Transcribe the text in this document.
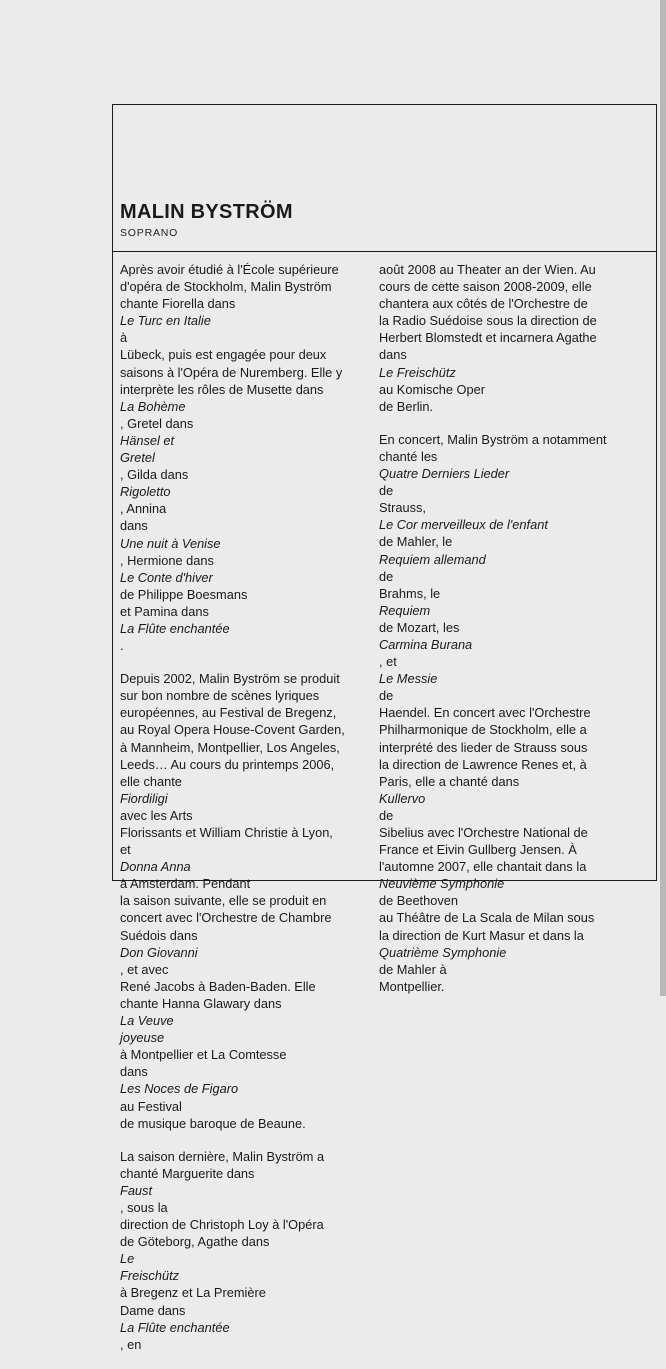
MALIN BYSTRÖM
SOPRANO

Après avoir étudié à l'École supérieure
d'opéra de Stockholm, Malin Byström
chante Fiorella dans
Le Turc en Italie
à
Lübeck, puis est engagée pour deux
saisons à l'Opéra de Nuremberg. Elle y
interprète les rôles de Musette dans
La Bohème
, Gretel dans
Hänsel et
Gretel
, Gilda dans
Rigoletto
, Annina
dans
Une nuit à Venise
, Hermione dans
Le Conte d'hiver
de Philippe Boesmans
et Pamina dans
La Flûte enchantée
.

Depuis 2002, Malin Byström se produit
sur bon nombre de scènes lyriques
européennes, au Festival de Bregenz,
au Royal Opera House-Covent Garden,
à Mannheim, Montpellier, Los Angeles,
Leeds… Au cours du printemps 2006,
elle chante
Fiordiligi
avec les Arts
Florissants et William Christie à Lyon,
et
Donna Anna
à Amsterdam. Pendant
la saison suivante, elle se produit en
concert avec l'Orchestre de Chambre
Suédois dans
Don Giovanni
, et avec
René Jacobs à Baden-Baden. Elle
chante Hanna Glawary dans
La Veuve
joyeuse
à Montpellier et La Comtesse
dans
Les Noces de Figaro
au Festival
de musique baroque de Beaune.

La saison dernière, Malin Byström a
chanté Marguerite dans
Faust
, sous la
direction de Christoph Loy à l'Opéra
de Göteborg, Agathe dans
Le
Freischütz
à Bregenz et La Première
Dame dans
La Flûte enchantée
, en

août 2008 au Theater an der Wien. Au
cours de cette saison 2008-2009, elle
chantera aux côtés de l'Orchestre de
la Radio Suédoise sous la direction de
Herbert Blomstedt et incarnera Agathe
dans
Le Freischütz
au Komische Oper
de Berlin.

En concert, Malin Byström a notamment
chanté les
Quatre Derniers Lieder
de
Strauss,
Le Cor merveilleux de l'enfant
de Mahler, le
Requiem allemand
de
Brahms, le
Requiem
de Mozart, les
Carmina Burana
, et
Le Messie
de
Haendel. En concert avec l'Orchestre
Philharmonique de Stockholm, elle a
interprété des lieder de Strauss sous
la direction de Lawrence Renes et, à
Paris, elle a chanté dans
Kullervo
de
Sibelius avec l'Orchestre National de
France et Eivin Gullberg Jensen. À
l'automne 2007, elle chantait dans la
Neuvième Symphonie
de Beethoven
au Théâtre de La Scala de Milan sous
la direction de Kurt Masur et dans la
Quatrième Symphonie
de Mahler à
Montpellier.
